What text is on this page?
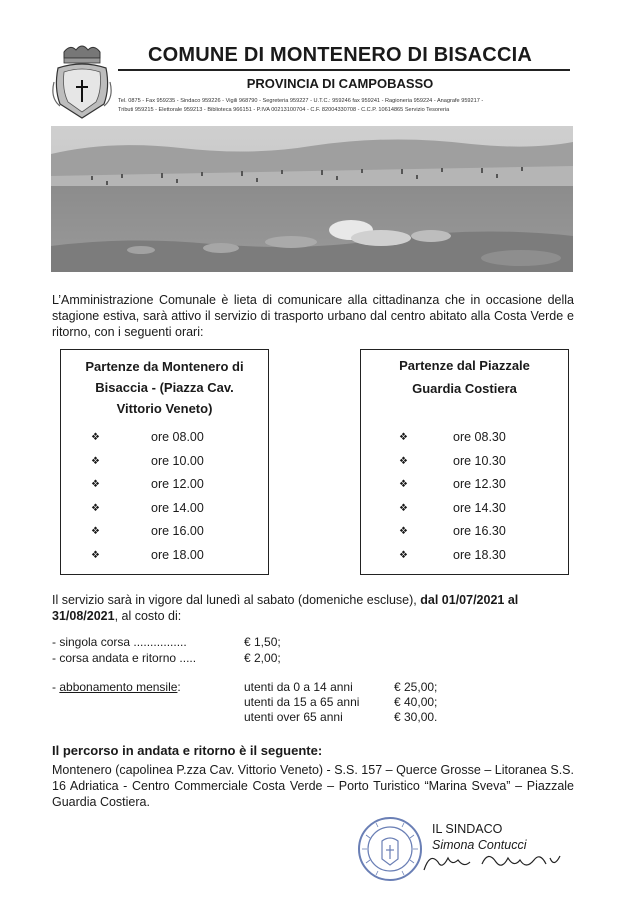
COMUNE DI MONTENERO DI BISACCIA
PROVINCIA DI CAMPOBASSO
Tel. 0875 - Fax 959235 - Sindaco 959226 - Vigili 968790 - Segreteria 959227 - U.T.C.: 959246 fax 959241 - Ragioneria 959224 - Anagrafe 959217 -
Tributi 959215 - Elettorale 959213 - Biblioteca 966151 - P.IVA 00213100704 - C.F. 82004330708 - C.C.P. 10614865 Servizio Tesoreria
L’Amministrazione Comunale è lieta di comunicare alla cittadinanza che in occasione della stagione estiva, sarà attivo il servizio di trasporto urbano dal centro abitato alla Costa Verde e ritorno, con i seguenti orari:
Partenze da Montenero di
Bisaccia - (Piazza Cav.
Vittorio Veneto)
❖	ore 08.00
❖	ore 10.00
❖	ore 12.00
❖	ore 14.00
❖	ore 16.00
❖	ore 18.00
Partenze dal Piazzale
Guardia Costiera
❖	ore 08.30
❖	ore 10.30
❖	ore 12.30
❖	ore 14.30
❖	ore 16.30
❖	ore 18.30
Il servizio sarà in vigore dal lunedì al sabato (domeniche escluse), dal 01/07/2021 al 31/08/2021, al costo di:
- singola corsa ................	€ 1,50;
- corsa andata e ritorno .....	€ 2,00;
- abbonamento mensile:	utenti da 0 a 14 anni	€ 25,00;
utenti da 15 a 65 anni	€ 40,00;
utenti over 65 anni	€ 30,00.
Il percorso in andata e ritorno è il seguente:
Montenero (capolinea P.zza Cav. Vittorio Veneto) - S.S. 157 – Querce Grosse – Litoranea S.S. 16 Adriatica - Centro Commerciale Costa Verde – Porto Turistico “Marina Sveva” – Piazzale Guardia Costiera.
IL SINDACO
Simona Contucci
